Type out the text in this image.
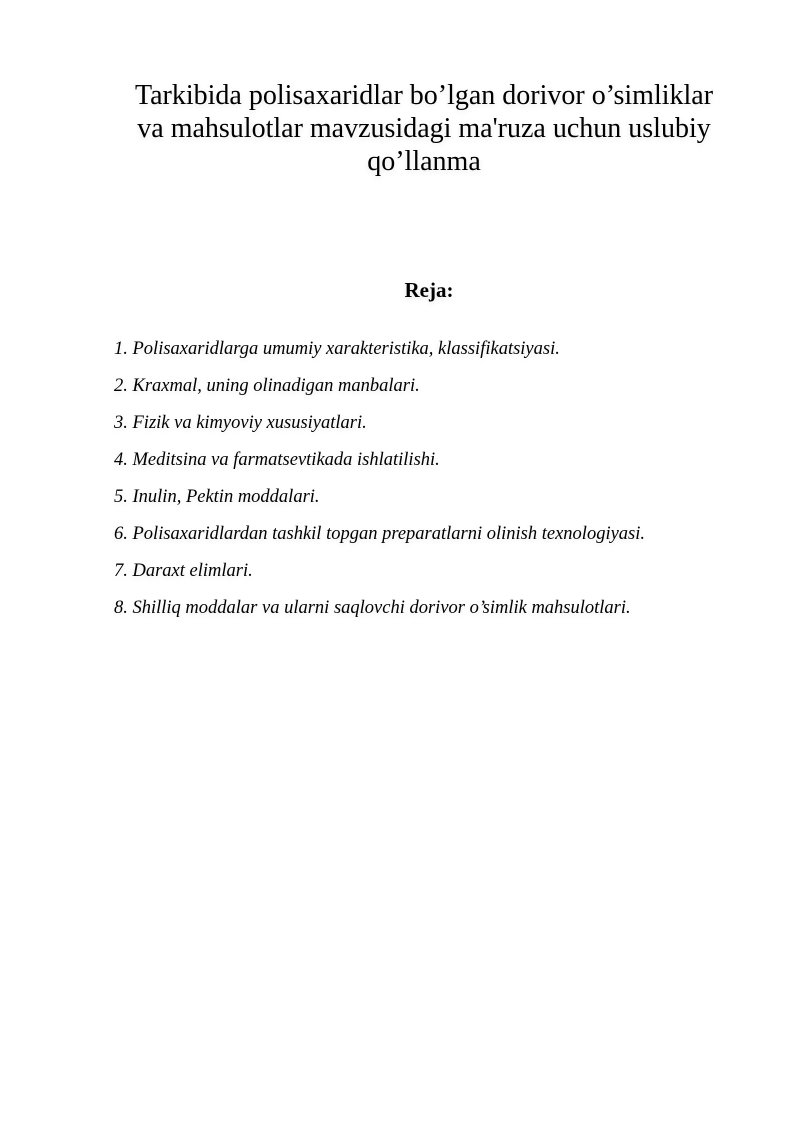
Tarkibida polisaxaridlar bo’lgan dorivor o’simliklar
va mahsulotlar mavzusidagi ma'ruza uchun uslubiy
qo’llanma
Reja:
1. Polisaxaridlarga umumiy xarakteristika, klassifikatsiyasi.
2. Kraxmal, uning olinadigan manbalari.
3. Fizik va kimyoviy xususiyatlari.
4. Meditsina va farmatsevtikada ishlatilishi.
5. Inulin, Pektin moddalari.
6. Polisaxaridlardan tashkil topgan preparatlarni olinish texnologiyasi.
7. Daraxt elimlari.
8. Shilliq moddalar va ularni saqlovchi dorivor o’simlik mahsulotlari.
